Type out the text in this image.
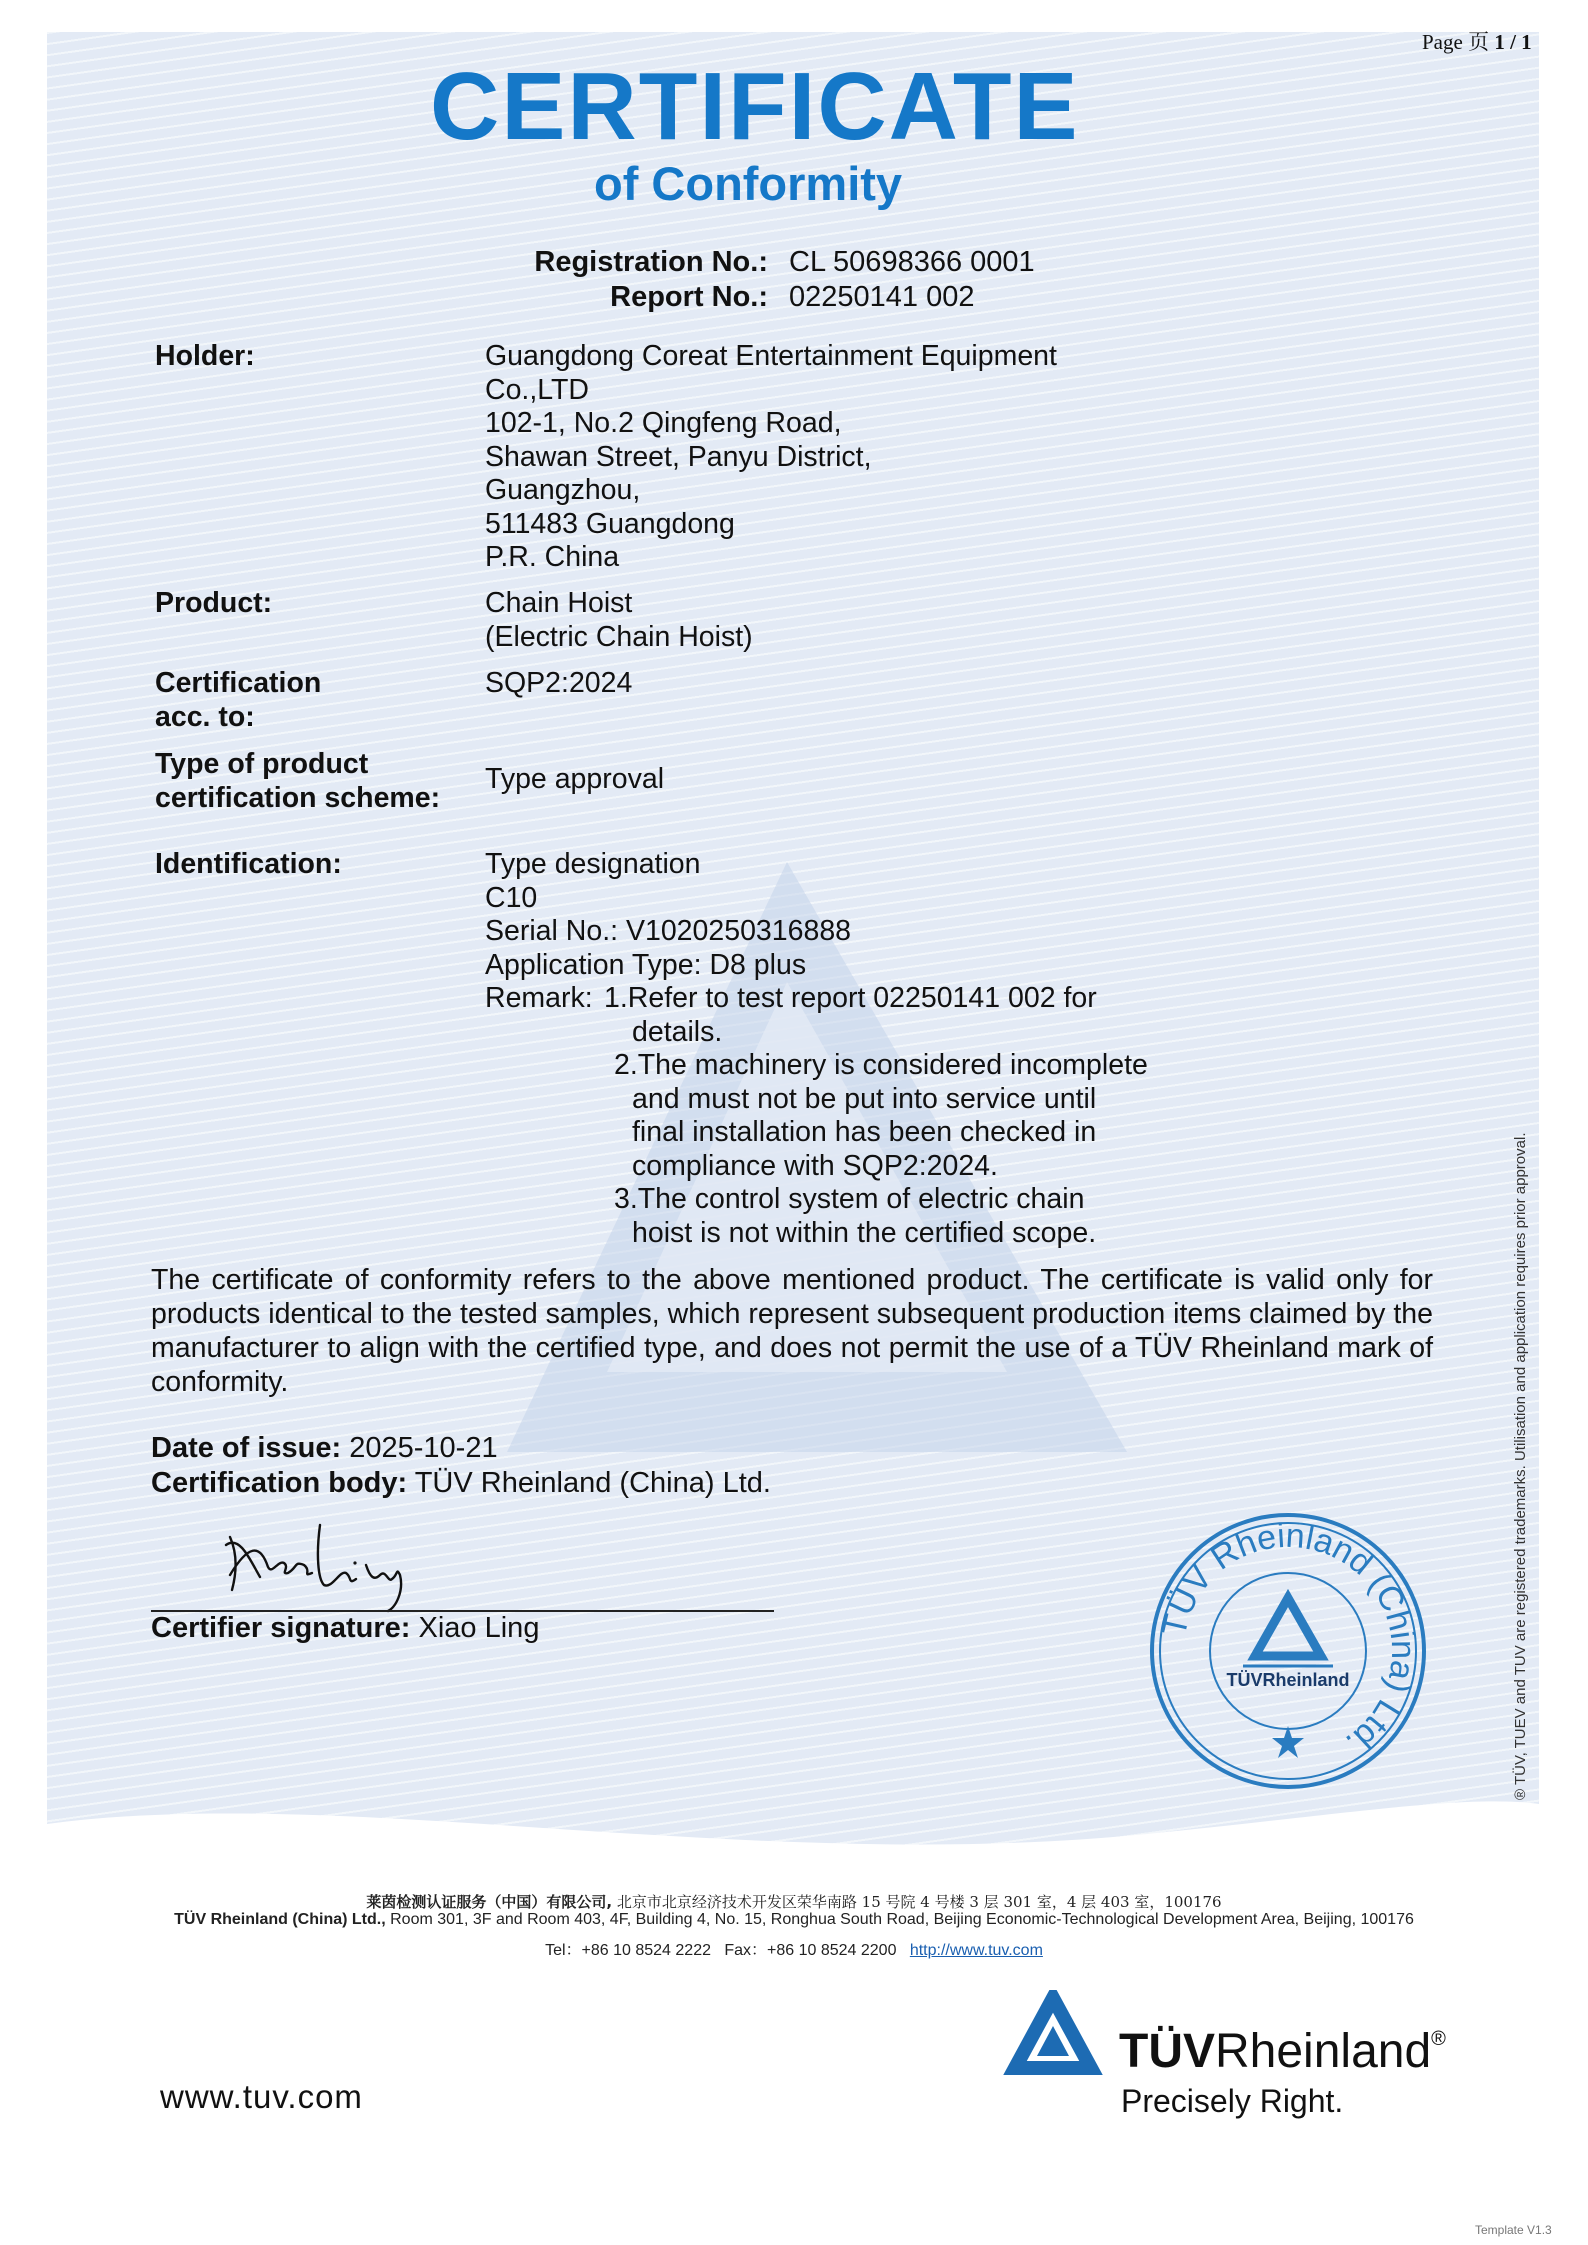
Page 页 1 / 1
CERTIFICATE
of Conformity
Registration No.: CL 50698366 0001
Report No.: 02250141 002
Holder:	Guangdong Coreat Entertainment Equipment
Co.,LTD
102-1, No.2 Qingfeng Road,
Shawan Street, Panyu District,
Guangzhou,
511483 Guangdong
P.R. China
Product:	Chain Hoist
(Electric Chain Hoist)
Certification
acc. to:
SQP2:2024
Type of product
certification scheme:
Type approval
Identification:	Type designation
C10
Serial No.: V1020250316888
Application Type: D8 plus
Remark: 1.Refer to test report 02250141 002 for
details.
2.The machinery is considered incomplete
and must not be put into service until
final installation has been checked in
compliance with SQP2:2024.
3.The control system of electric chain
hoist is not within the certified scope.
The certificate of conformity refers to the above mentioned product. The certificate is valid only for products identical to the tested samples, which represent subsequent production items claimed by the manufacturer to align with the certified type, and does not permit the use of a TÜV Rheinland mark of conformity.
Date of issue: 2025-10-21
Certification body: TÜV Rheinland (China) Ltd.
Certifier signature: Xiao Ling	TÜV Rheinland (China) Ltd.
TÜVRheinland	® TÜV, TUEV and TUV are registered trademarks. Utilisation and application requires prior approval.
莱茵检测认证服务（中国）有限公司, 北京市北京经济技术开发区荣华南路 15 号院 4 号楼 3 层 301 室，4 层 403 室，100176
TÜV Rheinland (China) Ltd., Room 301, 3F and Room 403, 4F, Building 4, No. 15, Ronghua South Road, Beijing Economic-Technological Development Area, Beijing, 100176
Tel：+86 10 8524 2222 Fax：+86 10 8524 2200 http://www.tuv.com
www.tuv.com
TÜVRheinland®
Precisely Right.
Template V1.3
